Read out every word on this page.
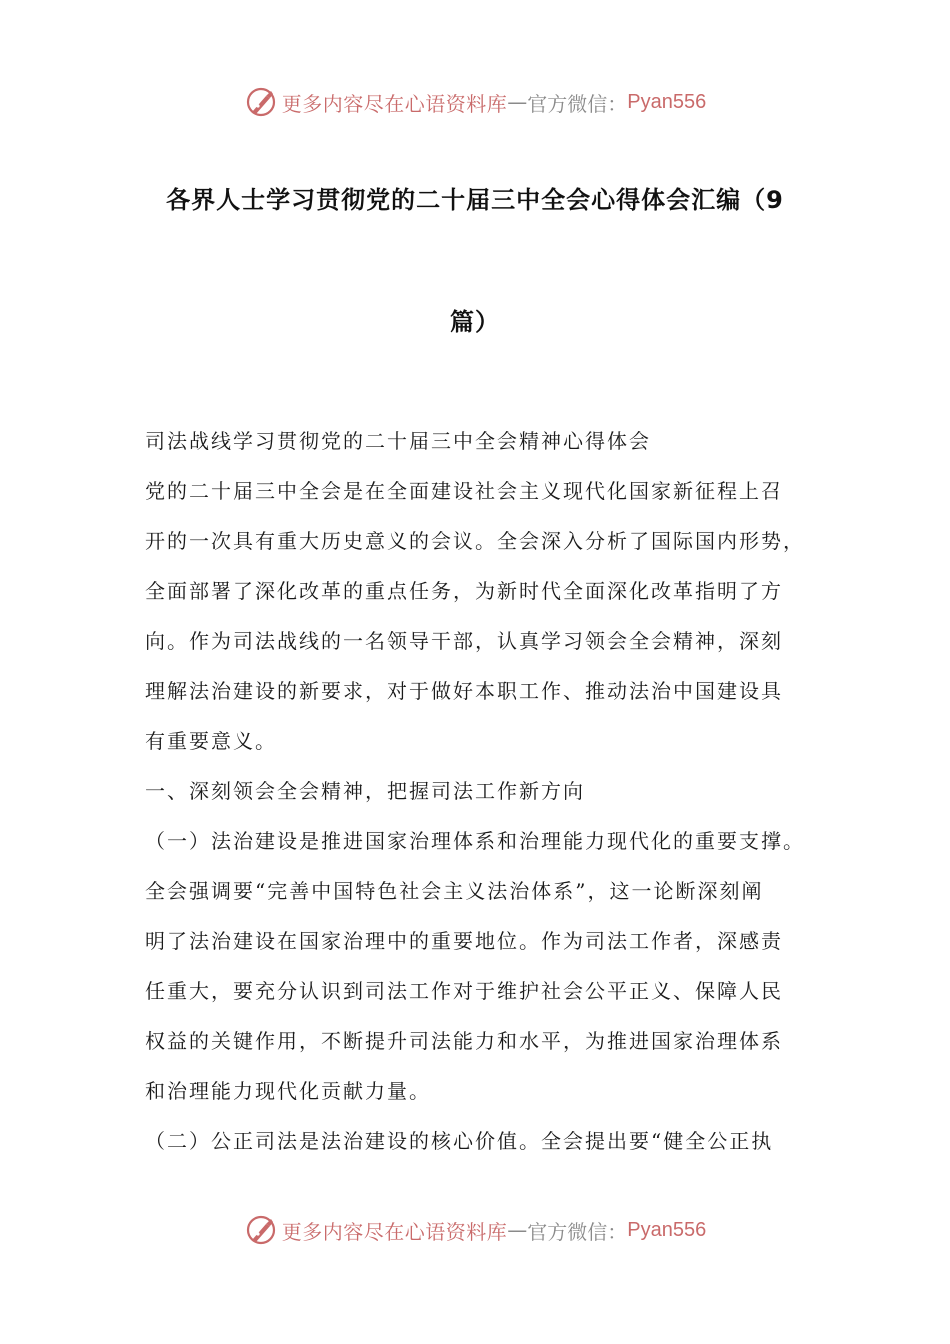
更多内容尽在心语资料库 — 官方微信： Pyan556
各界人士学习贯彻党的二十届三中全会心得体会汇编（9
篇）
司法战线学习贯彻党的二十届三中全会精神心得体会
党的二十届三中全会是在全面建设社会主义现代化国家新征程上召
开的一次具有重大历史意义的会议。全会深入分析了国际国内形势，
全面部署了深化改革的重点任务，为新时代全面深化改革指明了方
向。作为司法战线的一名领导干部，认真学习领会全会精神，深刻
理解法治建设的新要求，对于做好本职工作、推动法治中国建设具
有重要意义。
一、深刻领会全会精神，把握司法工作新方向
（一）法治建设是推进国家治理体系和治理能力现代化的重要支撑。
全会强调要“完善中国特色社会主义法治体系”，这一论断深刻阐
明了法治建设在国家治理中的重要地位。作为司法工作者，深感责
任重大，要充分认识到司法工作对于维护社会公平正义、保障人民
权益的关键作用，不断提升司法能力和水平，为推进国家治理体系
和治理能力现代化贡献力量。
（二）公正司法是法治建设的核心价值。全会提出要“健全公正执
更多内容尽在心语资料库 — 官方微信： Pyan556
